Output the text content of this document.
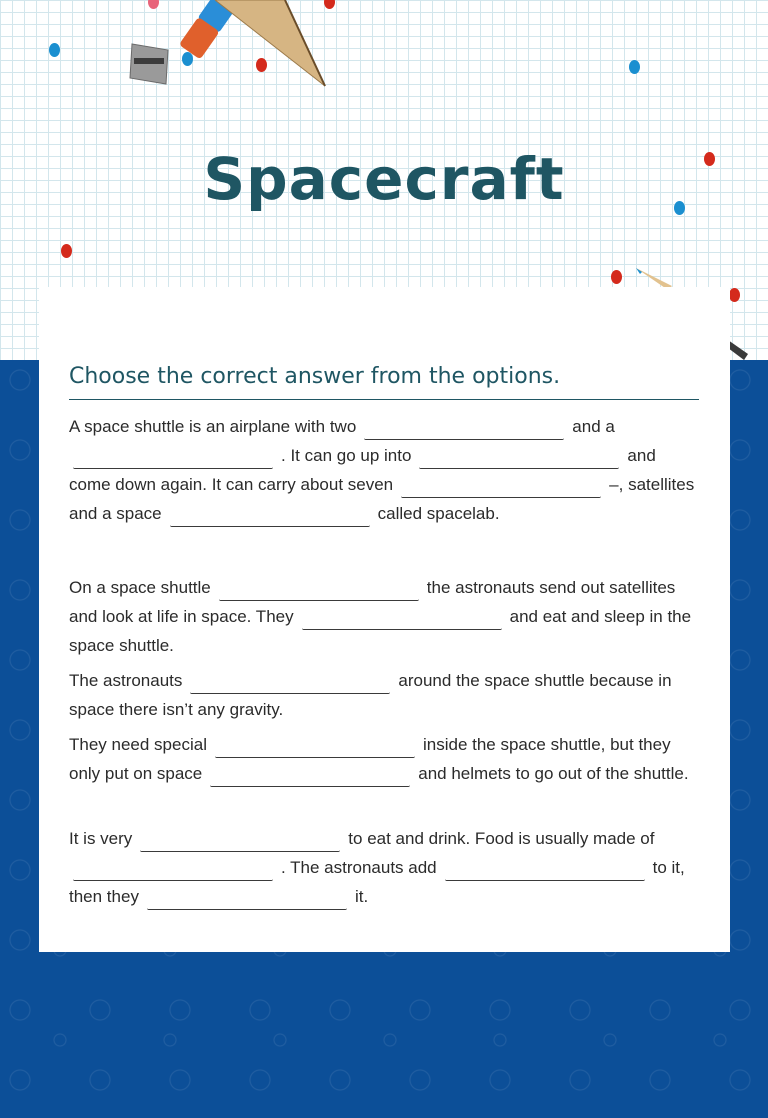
Spacecraft
Choose the correct answer from the options.

A space shuttle is an airplane with two	and a . It can go up into	and come down again. It can carry about seven	–, satellites and a space	called spacelab.

On a space shuttle	the astronauts send out satellites and look at life in space. They	and eat and sleep in the space shuttle.

The astronauts	around the space shuttle because in space there isn’t any gravity.

They need special	inside the space shuttle, but they only put on space	and helmets to go out of the shuttle.

It is very	to eat and drink. Food is usually made of . The astronauts add	to it, then they	it.
